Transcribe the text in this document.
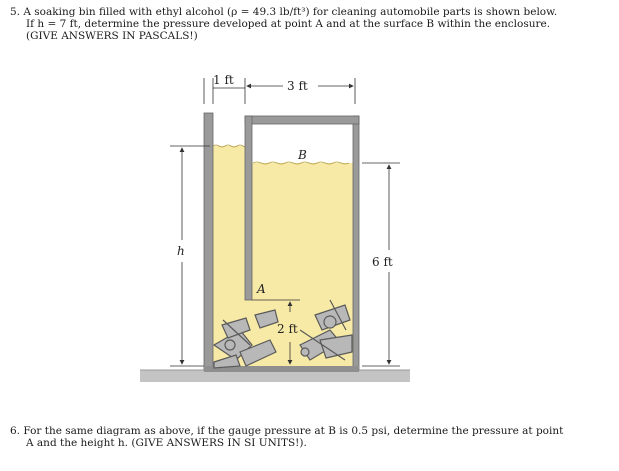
5. A soaking bin filled with ethyl alcohol (ρ = 49.3 lb/ft³) for cleaning automobile parts is shown below.
If h = 7 ft, determine the pressure developed at point A and at the surface B within the enclosure.
(GIVE ANSWERS IN PASCALS!)
1 ft	3 ft
h
6 ft
B
A
2 ft
6. For the same diagram as above, if the gauge pressure at B is 0.5 psi, determine the pressure at point
A and the height h. (GIVE ANSWERS IN SI UNITS!).
